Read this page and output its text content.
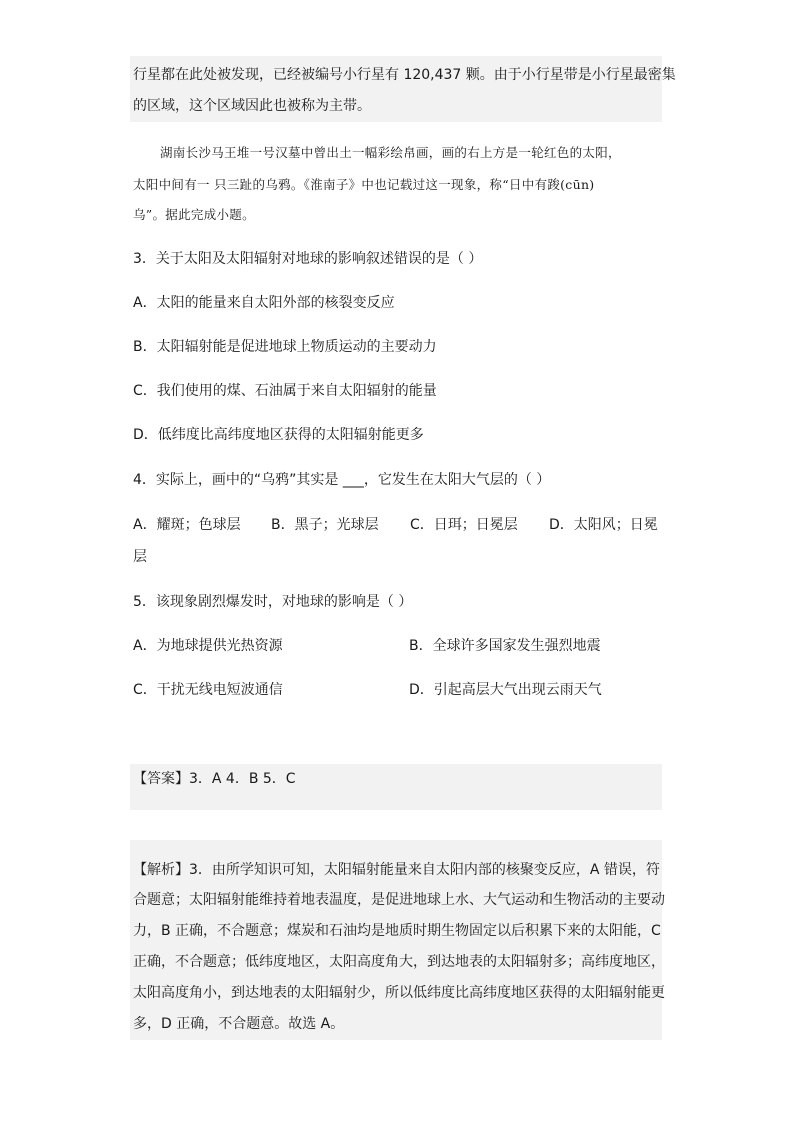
行星都在此处被发现，已经被编号小行星有 120,437 颗。由于小行星带是小行星最密集
的区域，这个区域因此也被称为主带。
湖南长沙马王堆一号汉墓中曾出土一幅彩绘帛画，画的右上方是一轮红色的太阳，
太阳中间有一 只三趾的乌鸦。《淮南子》中也记载过这一现象，称“日中有踆(cūn)
乌”。据此完成小题。
3．关于太阳及太阳辐射对地球的影响叙述错误的是（ ）
A．太阳的能量来自太阳外部的核裂变反应
B．太阳辐射能是促进地球上物质运动的主要动力
C．我们使用的煤、石油属于来自太阳辐射的能量
D．低纬度比高纬度地区获得的太阳辐射能更多
4．实际上，画中的“乌鸦”其实是 ___，它发生在太阳大气层的（ ）
A．耀斑；色球层 B．黑子；光球层 C．日珥；日冕层 D．太阳风；日冕
层
5．该现象剧烈爆发时，对地球的影响是（ ）
A．为地球提供光热资源	B．全球许多国家发生强烈地震
C．干扰无线电短波通信	D．引起高层大气出现云雨天气
【答案】3．A 4．B 5．C
【解析】3．由所学知识可知，太阳辐射能量来自太阳内部的核聚变反应，A 错误，符
合题意；太阳辐射能维持着地表温度，是促进地球上水、大气运动和生物活动的主要动
力，B 正确，不合题意；煤炭和石油均是地质时期生物固定以后积累下来的太阳能，C
正确，不合题意；低纬度地区，太阳高度角大，到达地表的太阳辐射多；高纬度地区，
太阳高度角小，到达地表的太阳辐射少，所以低纬度比高纬度地区获得的太阳辐射能更
多，D 正确，不合题意。故选 A。
